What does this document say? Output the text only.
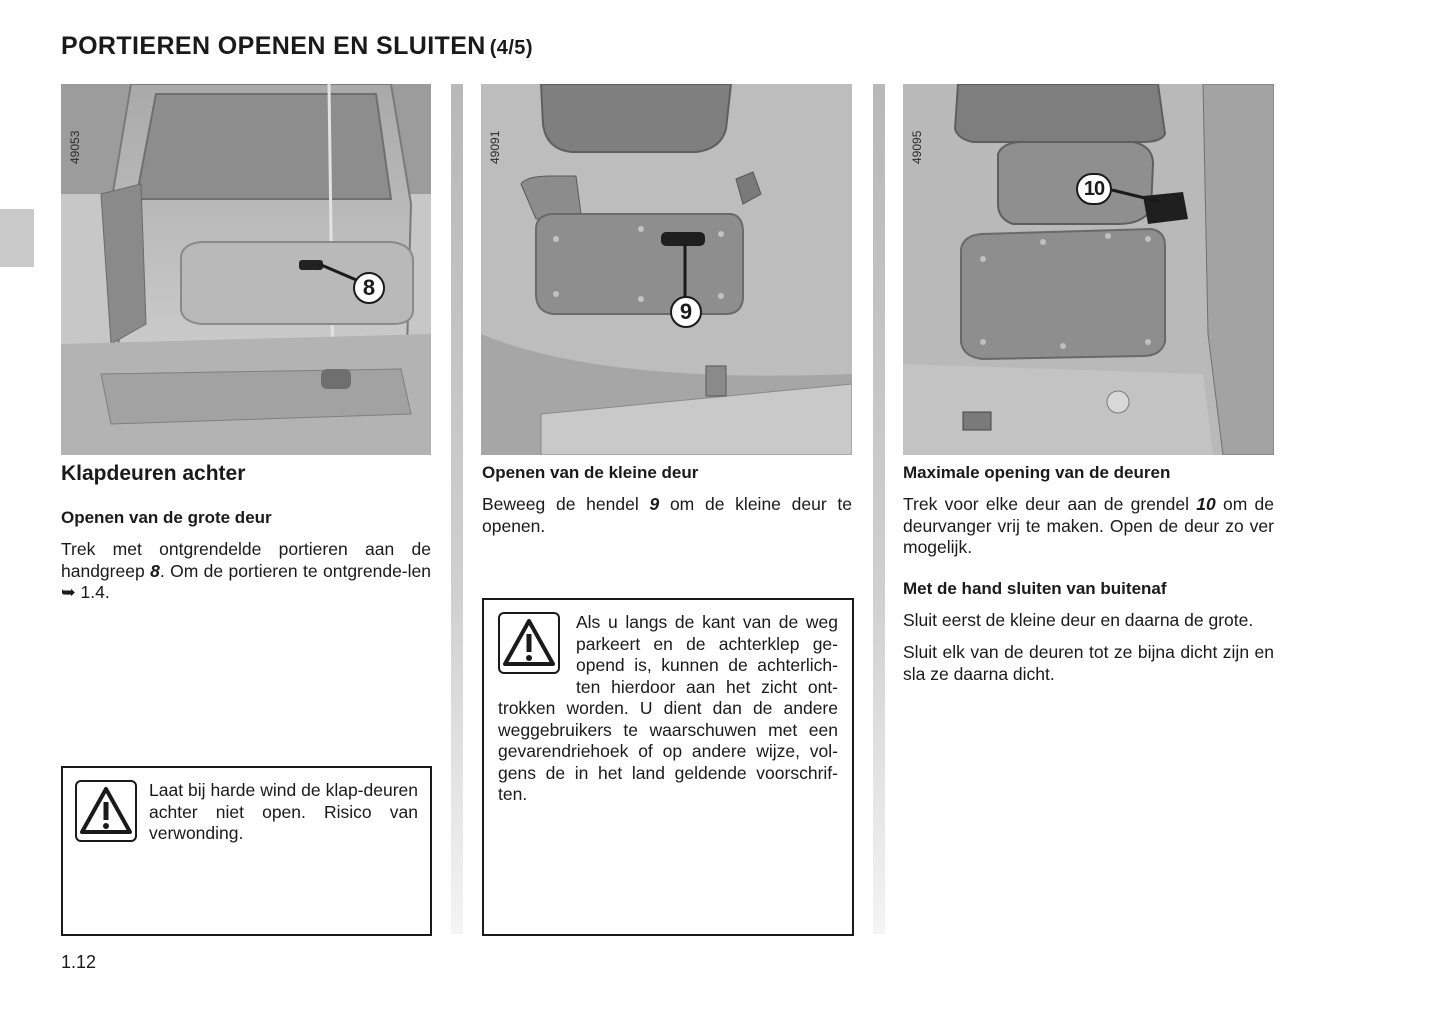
PORTIEREN OPENEN EN SLUITEN (4/5)
49053
8
49091
9
49095
10
Klapdeuren achter
Openen van de grote deur

Trek met ontgrendelde portieren aan de handgreep 8. Om de portieren te ontgrende-len ➥ 1.4.

Laat bij harde wind de klap-deuren achter niet open. Risico van verwonding.
Openen van de kleine deur

Beweeg de hendel 9 om de kleine deur te openen.

Als u langs de kant van de weg parkeert en de achterklep ge-opend is, kunnen de achterlich-ten hierdoor aan het zicht ont-trokken worden. U dient dan de andere weggebruikers te waarschuwen met een gevarendriehoek of op andere wijze, vol-gens de in het land geldende voorschrif-ten.
Maximale opening van de deuren

Trek voor elke deur aan de grendel 10 om de deurvanger vrij te maken. Open de deur zo ver mogelijk.

Met de hand sluiten van buitenaf

Sluit eerst de kleine deur en daarna de grote.

Sluit elk van de deuren tot ze bijna dicht zijn en sla ze daarna dicht.

1.12
